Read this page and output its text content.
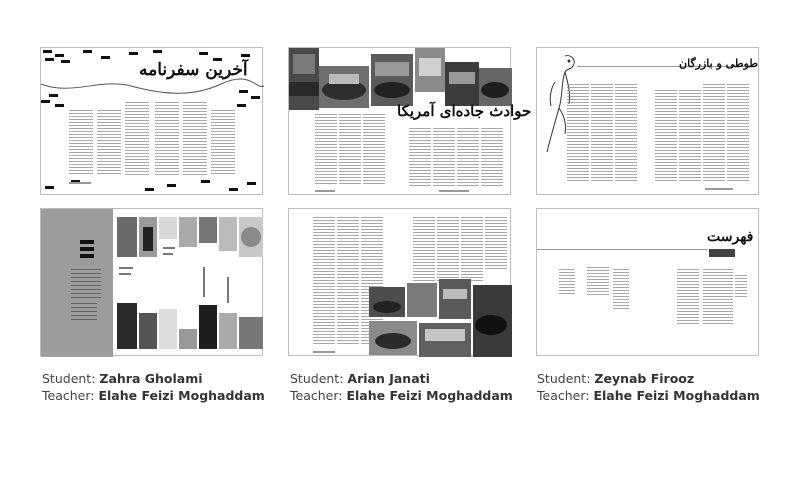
آخرین سفرنامه
حوادث جاده‌ای آمریکا
طوطی و بازرگان
فهرست
Student: Zahra Gholami
Teacher: Elahe Feizi Moghaddam
Student: Arian Janati
Teacher: Elahe Feizi Moghaddam
Student: Zeynab Firooz
Teacher: Elahe Feizi Moghaddam
